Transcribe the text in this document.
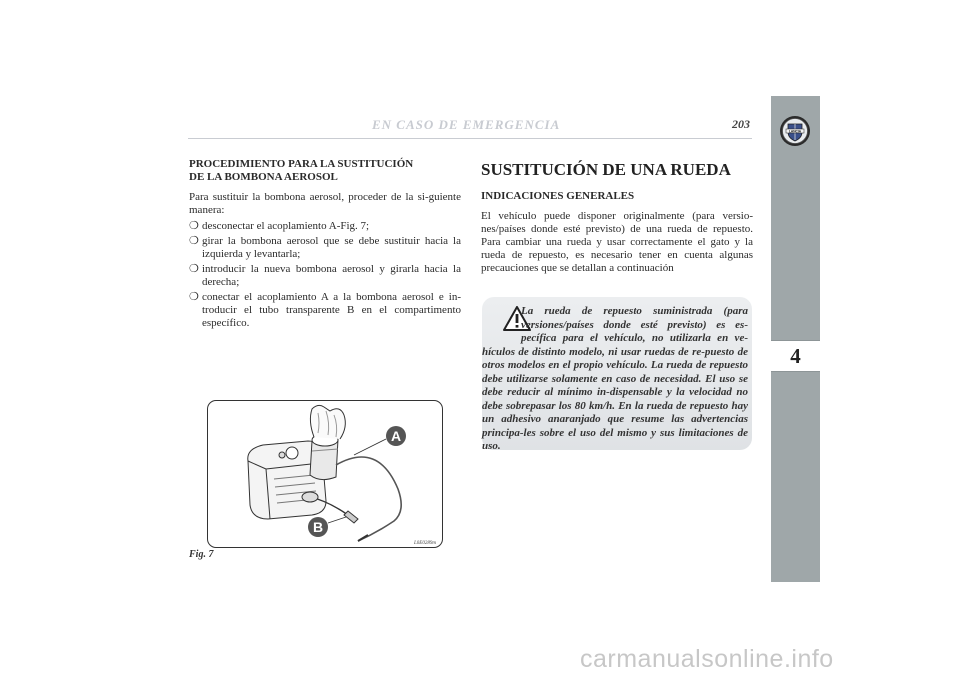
EN CASO DE EMERGENCIA	203
LANCIA
4
PROCEDIMIENTO PARA LA SUSTITUCIÓN
DE LA BOMBONA AEROSOL

Para sustituir la bombona aerosol, proceder de la si-guiente manera:

❍ desconectar el acoplamiento A-Fig. 7;
❍ girar la bombona aerosol que se debe sustituir hacia la izquierda y levantarla;
❍ introducir la nueva bombona aerosol y girarla hacia la derecha;
❍ conectar el acoplamiento A a la bombona aerosol e in-troducir el tubo transparente B en el compartimento específico.
A
B
Fig. 7
L0E0289m
SUSTITUCIÓN DE UNA RUEDA
INDICACIONES GENERALES

El vehículo puede disponer originalmente (para versio-nes/países donde esté previsto) de una rueda de repuesto. Para cambiar una rueda y usar correctamente el gato y la rueda de repuesto, es necesario tener en cuenta algunas precauciones que se detallan a continuación

La rueda de repuesto suministrada (para versiones/países donde esté previsto) es es-pecífica para el vehículo, no utilizarla en ve-hículos de distinto modelo, ni usar ruedas de re-puesto de otros modelos en el propio vehículo. La rueda de repuesto debe utilizarse solamente en caso de necesidad. El uso se debe reducir al mínimo in-dispensable y la velocidad no debe sobrepasar los 80 km/h. En la rueda de repuesto hay un adhesivo anaranjado que resume las advertencias principa-les sobre el uso del mismo y sus limitaciones de uso.
carmanualsonline.info
